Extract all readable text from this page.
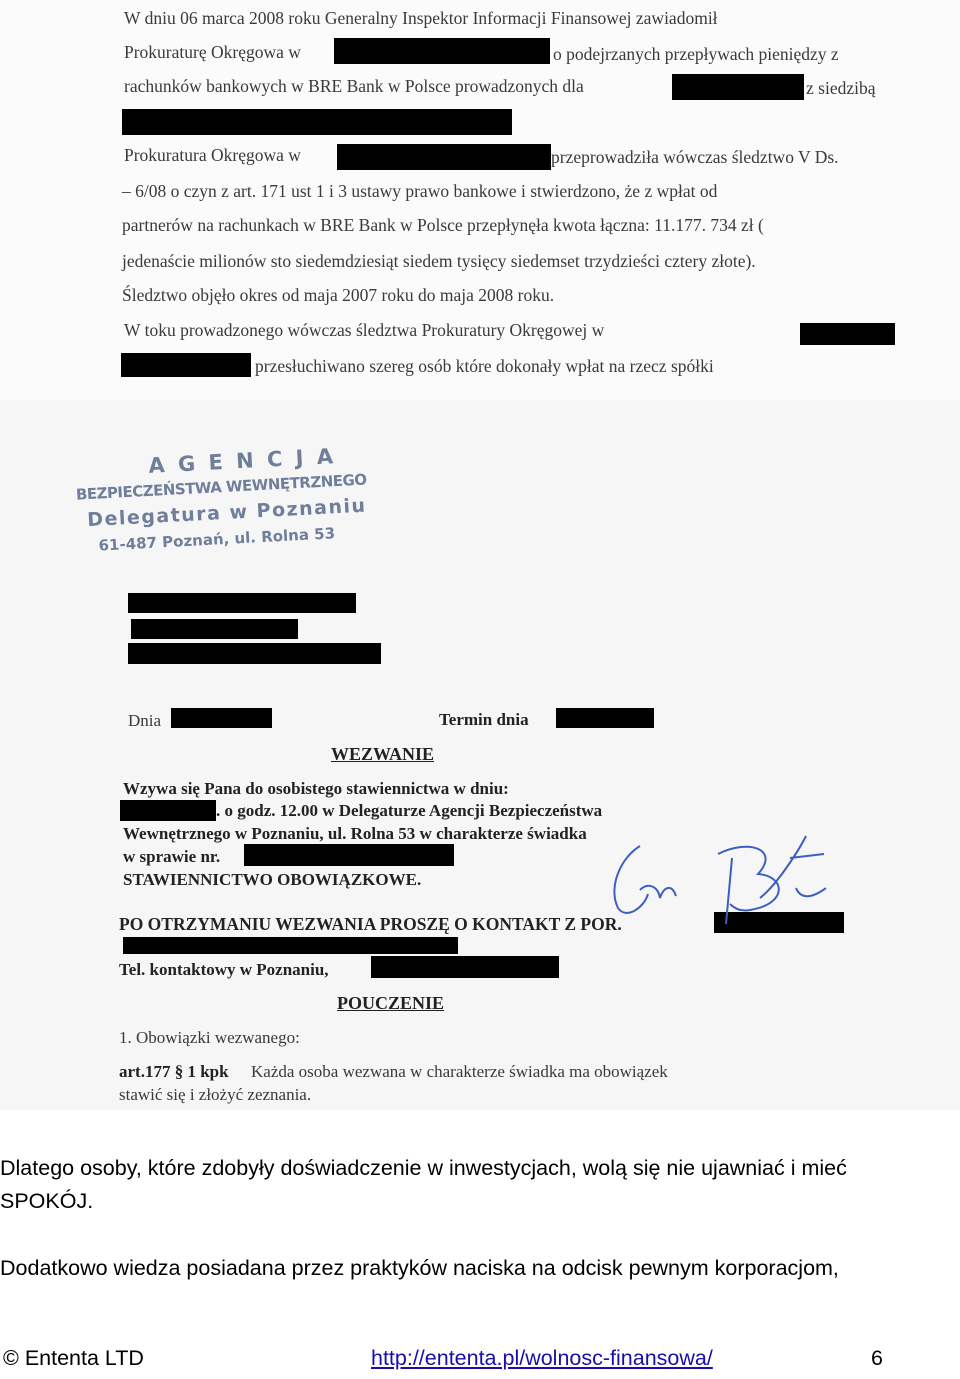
W dniu 06 marca 2008 roku Generalny Inspektor Informacji Finansowej zawiadomił
Prokuraturę Okręgowa w	o podejrzanych przepływach pieniędzy z
rachunków bankowych w BRE Bank w Polsce prowadzonych dla	z siedzibą
Prokuratura Okręgowa w	przeprowadziła wówczas śledztwo V Ds.
– 6/08 o czyn z art. 171 ust 1 i 3 ustawy prawo bankowe i stwierdzono, że z wpłat od
partnerów na rachunkach w BRE Bank w Polsce przepłynęła kwota łączna: 11.177. 734 zł (
jedenaście milionów sto siedemdziesiąt siedem tysięcy siedemset trzydzieści cztery złote).
Śledztwo objęło okres od maja 2007 roku do maja 2008 roku.
W toku prowadzonego wówczas śledztwa Prokuratury Okręgowej w
przesłuchiwano szereg osób które dokonały wpłat na rzecz spółki
A G E N C J A
BEZPIECZEŃSTWA WEWNĘTRZNEGO
Delegatura w Poznaniu
61-487 Poznań, ul. Rolna 53
Dnia	Termin dnia
WEZWANIE
Wzywa się Pana do osobistego stawiennictwa w dniu:
. o godz. 12.00 w Delegaturze Agencji Bezpieczeństwa
Wewnętrznego w Poznaniu, ul. Rolna 53 w charakterze świadka
w sprawie nr.
STAWIENNICTWO OBOWIĄZKOWE.
PO OTRZYMANIU WEZWANIA PROSZĘ O KONTAKT Z POR.
Tel. kontaktowy w Poznaniu,
POUCZENIE
1. Obowiązki wezwanego:
art.177 § 1 kpk Każda osoba wezwana w charakterze świadka ma obowiązek
stawić się i złożyć zeznania.
Dlatego osoby, które zdobyły doświadczenie w inwestycjach, wolą się nie ujawniać i mieć
SPOKÓJ.
Dodatkowo wiedza posiadana przez praktyków naciska na odcisk pewnym korporacjom,
© Ententa LTD	http://ententa.pl/wolnosc-finansowa/	6
